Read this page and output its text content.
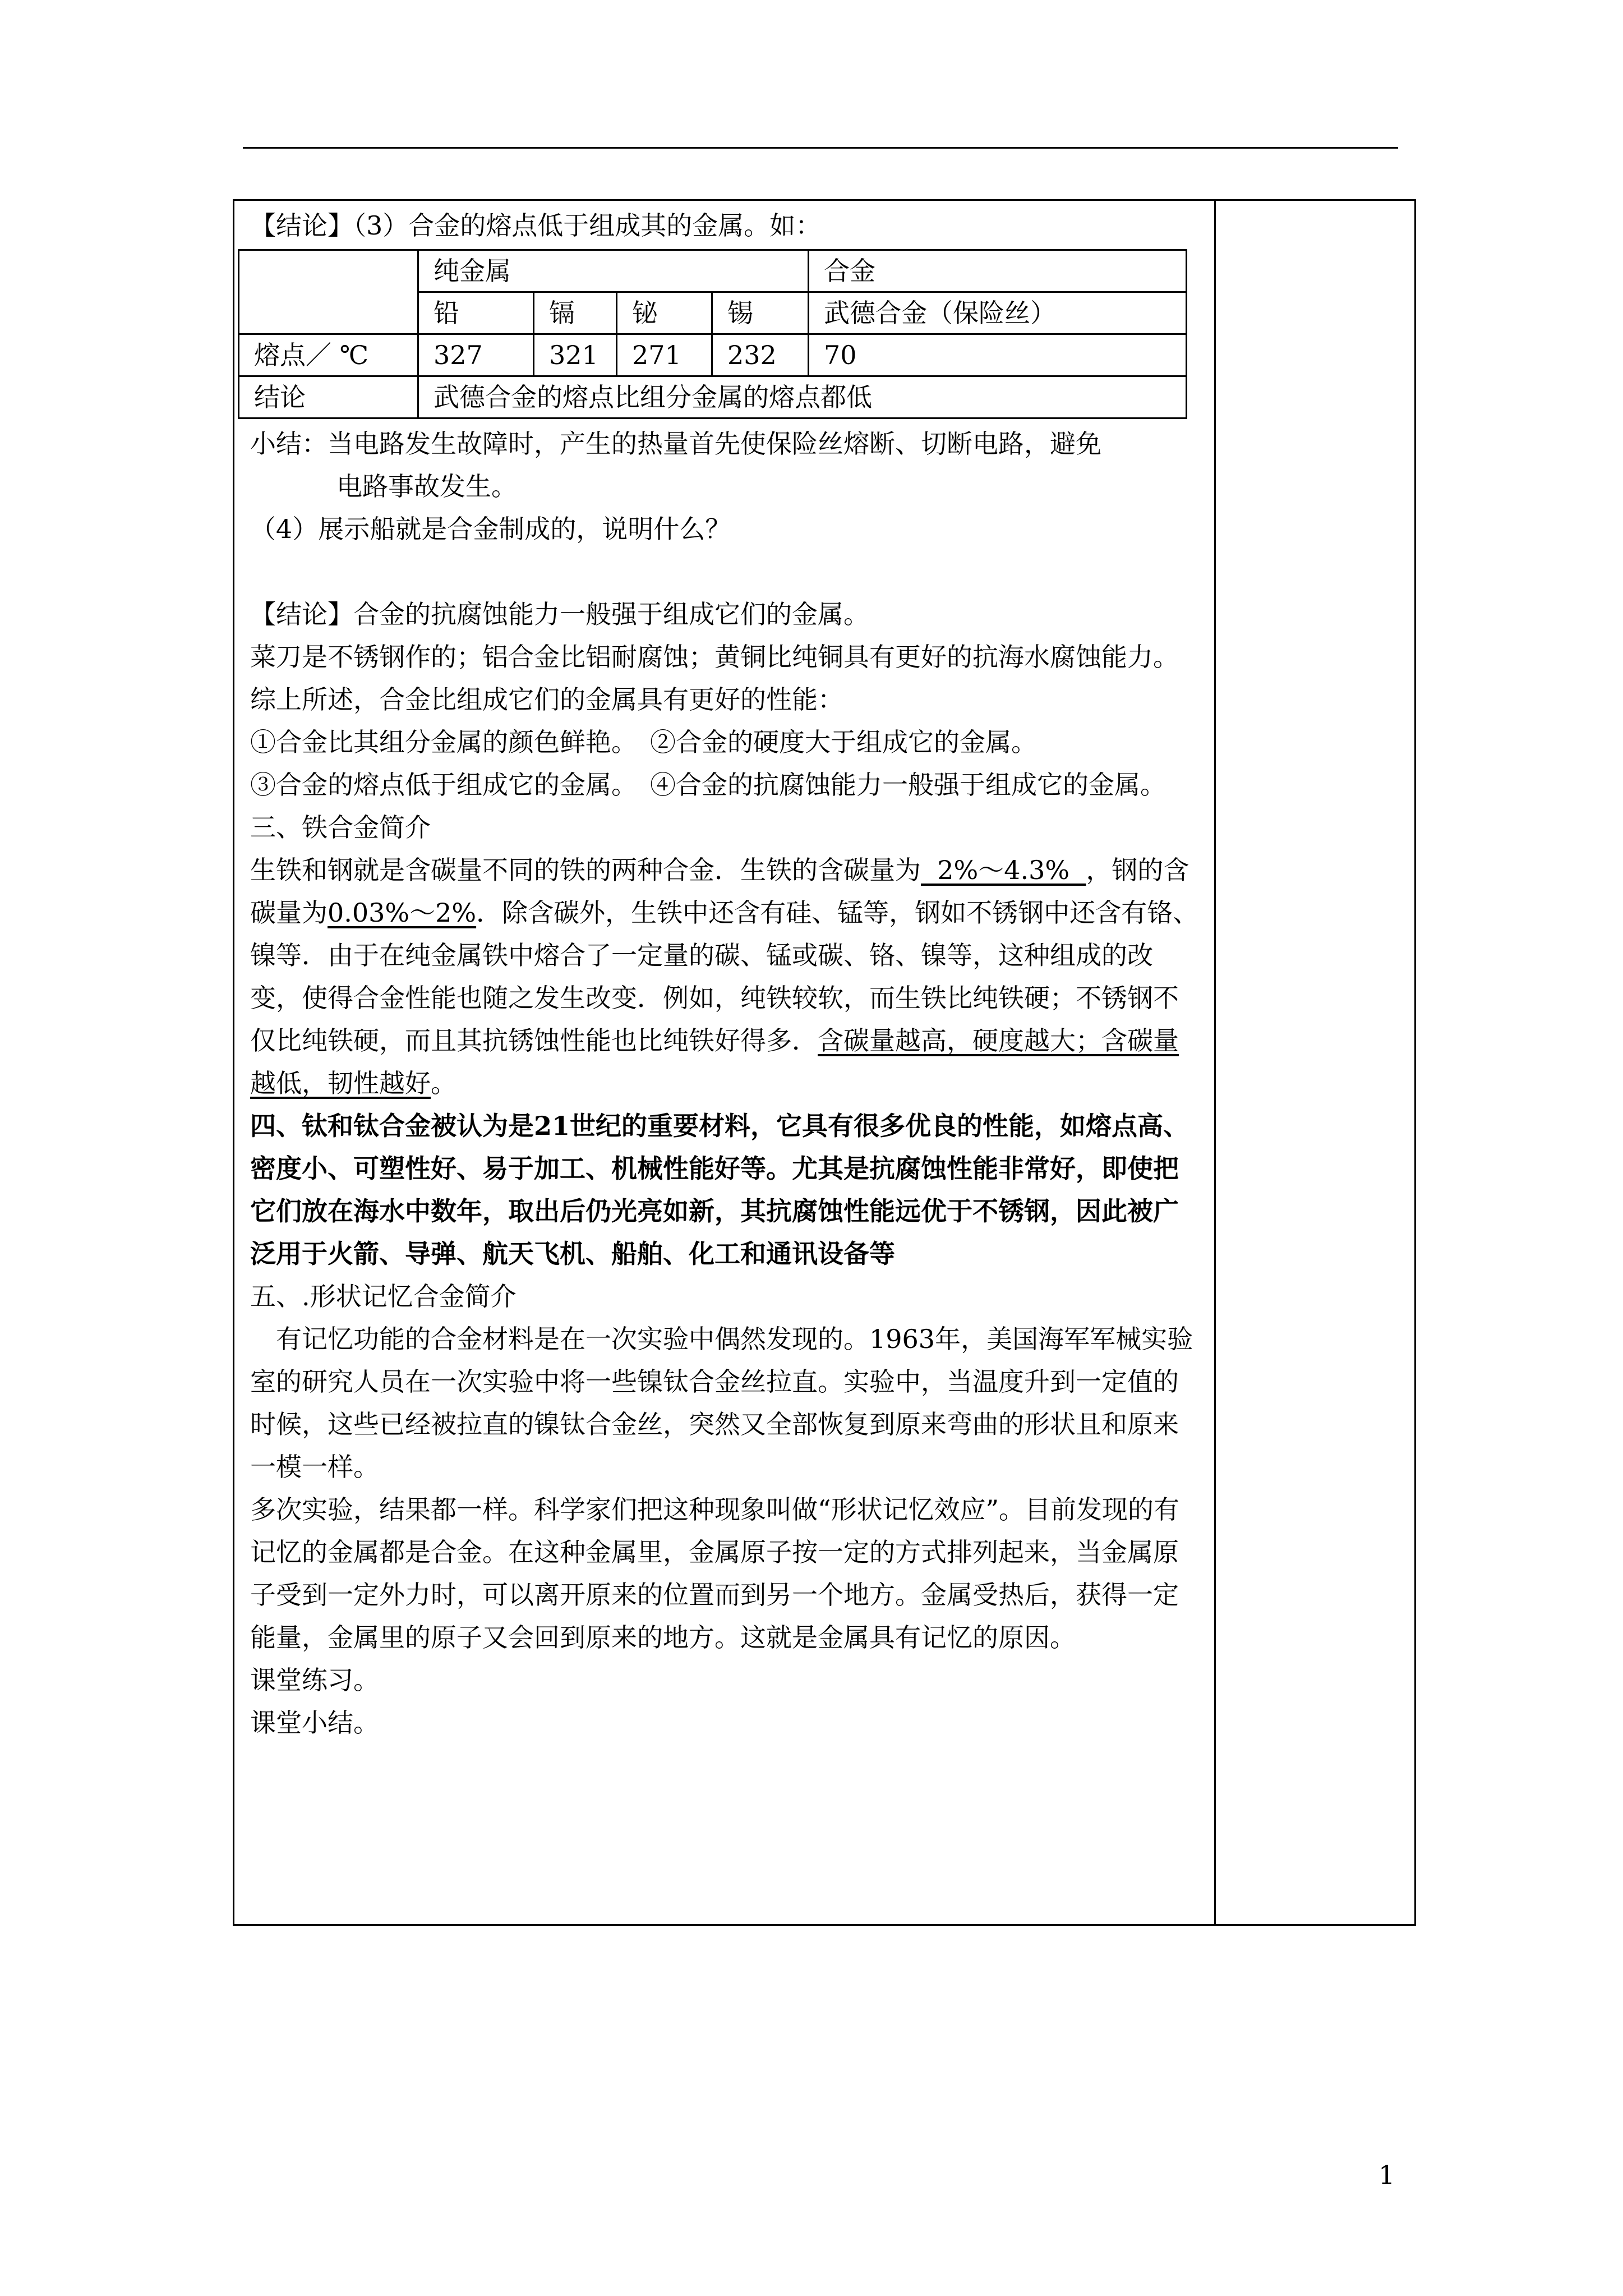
【结论】（3）合金的熔点低于组成其的金属。如：

	纯金属				合金
	铅	镉	铋	锡	武德合金（保险丝）
熔点／ ℃	327	321	271	232	70
结论	武德合金的熔点比组分金属的熔点都低				

小结：当电路发生故障时，产生的热量首先使保险丝熔断、切断电路，避免

电路事故发生。

（4）展示船就是合金制成的，说明什么？

【结论】合金的抗腐蚀能力一般强于组成它们的金属。

菜刀是不锈钢作的；铝合金比铝耐腐蚀；黄铜比纯铜具有更好的抗海水腐蚀能力。

综上所述，合金比组成它们的金属具有更好的性能：

①合金比其组分金属的颜色鲜艳。　②合金的硬度大于组成它的金属。

③合金的熔点低于组成它的金属。　④合金的抗腐蚀能力一般强于组成它的金属。

三、铁合金简介

生铁和钢就是含碳量不同的铁的两种合金．生铁的含碳量为  2%～4.3%  ，钢的含碳量为0.03%～2%．除含碳外，生铁中还含有硅、锰等，钢如不锈钢中还含有铬、镍等．由于在纯金属铁中熔合了一定量的碳、锰或碳、铬、镍等，这种组成的改变，使得合金性能也随之发生改变．例如，纯铁较软，而生铁比纯铁硬；不锈钢不仅比纯铁硬，而且其抗锈蚀性能也比纯铁好得多．含碳量越高，硬度越大；含碳量越低，韧性越好。

四、钛和钛合金被认为是21世纪的重要材料，它具有很多优良的性能，如熔点高、密度小、可塑性好、易于加工、机械性能好等。尤其是抗腐蚀性能非常好，即使把它们放在海水中数年，取出后仍光亮如新，其抗腐蚀性能远优于不锈钢，因此被广泛用于火箭、导弹、航天飞机、船舶、化工和通讯设备等

五、.形状记忆合金简介

有记忆功能的合金材料是在一次实验中偶然发现的。1963年，美国海军军械实验室的研究人员在一次实验中将一些镍钛合金丝拉直。实验中，当温度升到一定值的时候，这些已经被拉直的镍钛合金丝，突然又全部恢复到原来弯曲的形状且和原来一模一样。

多次实验，结果都一样。科学家们把这种现象叫做“形状记忆效应”。目前发现的有记忆的金属都是合金。在这种金属里，金属原子按一定的方式排列起来，当金属原子受到一定外力时，可以离开原来的位置而到另一个地方。金属受热后，获得一定能量，金属里的原子又会回到原来的地方。这就是金属具有记忆的原因。

课堂练习。

课堂小结。

1
